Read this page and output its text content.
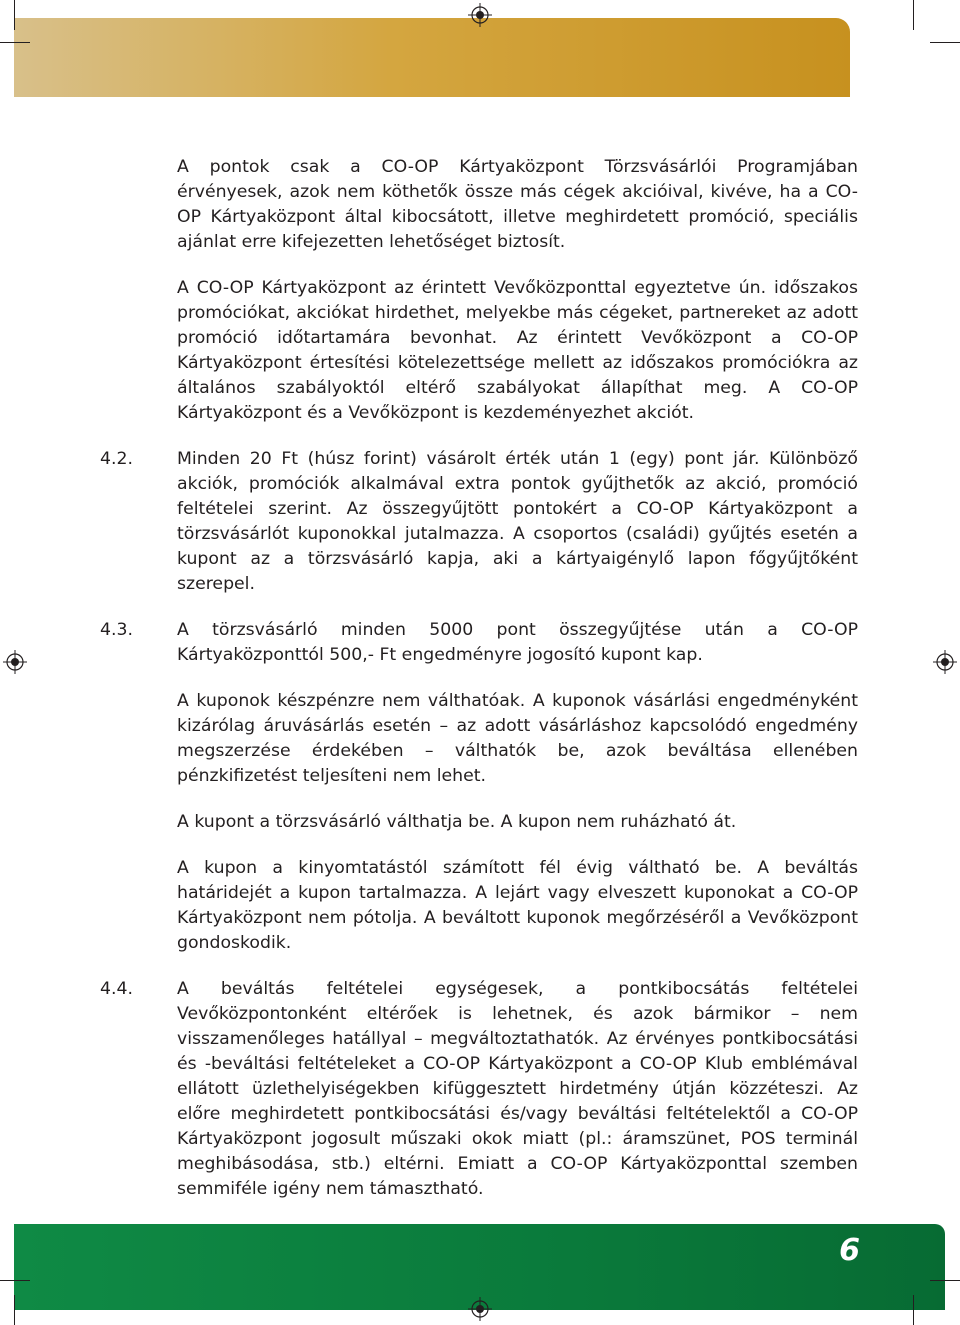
6
A pontok csak a CO-OP Kártyaközpont Törzsvásárlói Programjában érvényesek, azok nem köthetők össze más cégek akcióival, kivéve, ha a CO-OP Kártyaközpont által kibocsátott, illetve meghirdetett promóció, speciális ajánlat erre kifejezetten lehetőséget biztosít.
A CO-OP Kártyaközpont az érintett Vevőközponttal egyeztetve ún. időszakos promóciókat, akciókat hirdethet, melyekbe más cégeket, partnereket az adott promóció időtartamára bevonhat. Az érintett Vevőközpont a CO-OP Kártyaközpont értesítési kötelezettsége mellett az időszakos promóciókra az általános szabályoktól eltérő szabályokat állapíthat meg. A CO-OP Kártyaközpont és a Vevőközpont is kezdeményezhet akciót.
4.2.	Minden 20 Ft (húsz forint) vásárolt érték után 1 (egy) pont jár. Különböző akciók, promóciók alkalmával extra pontok gyűjthetők az akció, promóció feltételei szerint. Az összegyűjtött pontokért a CO-OP Kártyaközpont a törzsvásárlót kuponokkal jutalmazza. A csoportos (családi) gyűjtés esetén a kupont az a törzsvásárló kapja, aki a kártyaigénylő lapon főgyűjtőként szerepel.
4.3.	A törzsvásárló minden 5000 pont összegyűjtése után a CO-OP Kártyaközponttól 500,- Ft engedményre jogosító kupont kap.
A kuponok készpénzre nem válthatóak. A kuponok vásárlási engedményként kizárólag áruvásárlás esetén – az adott vásárláshoz kapcsolódó engedmény megszerzése érdekében – válthatók be, azok beváltása ellenében pénzkifizetést teljesíteni nem lehet.
A kupont a törzsvásárló válthatja be. A kupon nem ruházható át.
A kupon a kinyomtatástól számított fél évig váltható be. A beváltás határidejét a kupon tartalmazza. A lejárt vagy elveszett kuponokat a CO-OP Kártyaközpont nem pótolja. A beváltott kuponok megőrzéséről a Vevőközpont gondoskodik.
4.4.	A beváltás feltételei egységesek, a pontkibocsátás feltételei Vevőközpontonként eltérőek is lehetnek, és azok bármikor – nem visszamenőleges hatállyal – megváltoztathatók. Az érvényes pontkibocsátási és -beváltási feltételeket a CO-OP Kártyaközpont a CO-OP Klub emblémával ellátott üzlethelyiségekben kifüggesztett hirdetmény útján közzéteszi. Az előre meghirdetett pontkibocsátási és/vagy beváltási feltételektől a CO-OP Kártyaközpont jogosult műszaki okok miatt (pl.: áramszünet, POS terminál meghibásodása, stb.) eltérni. Emiatt a CO-OP Kártyaközponttal szemben semmiféle igény nem támasztható.
